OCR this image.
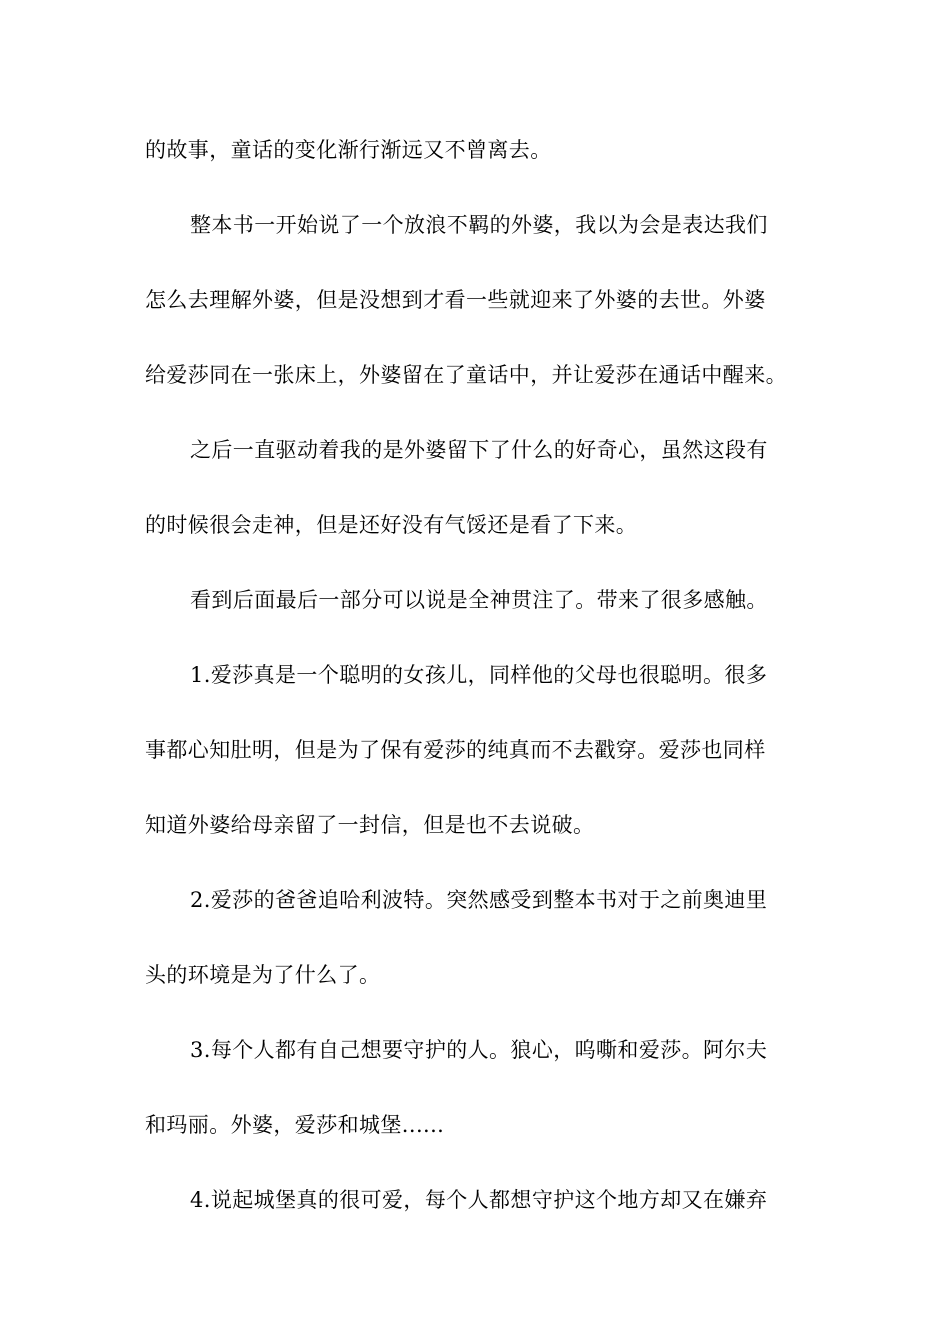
的故事，童话的变化渐行渐远又不曾离去。
整本书一开始说了一个放浪不羁的外婆，我以为会是表达我们
怎么去理解外婆，但是没想到才看一些就迎来了外婆的去世。外婆
给爱莎同在一张床上，外婆留在了童话中，并让爱莎在通话中醒来。
之后一直驱动着我的是外婆留下了什么的好奇心，虽然这段有
的时候很会走神，但是还好没有气馁还是看了下来。
看到后面最后一部分可以说是全神贯注了。带来了很多感触。
1.爱莎真是一个聪明的女孩儿，同样他的父母也很聪明。很多
事都心知肚明，但是为了保有爱莎的纯真而不去戳穿。爱莎也同样
知道外婆给母亲留了一封信，但是也不去说破。
2.爱莎的爸爸追哈利波特。突然感受到整本书对于之前奥迪里
头的环境是为了什么了。
3.每个人都有自己想要守护的人。狼心，呜嘶和爱莎。阿尔夫
和玛丽。外婆，爱莎和城堡......
4.说起城堡真的很可爱，每个人都想守护这个地方却又在嫌弃
